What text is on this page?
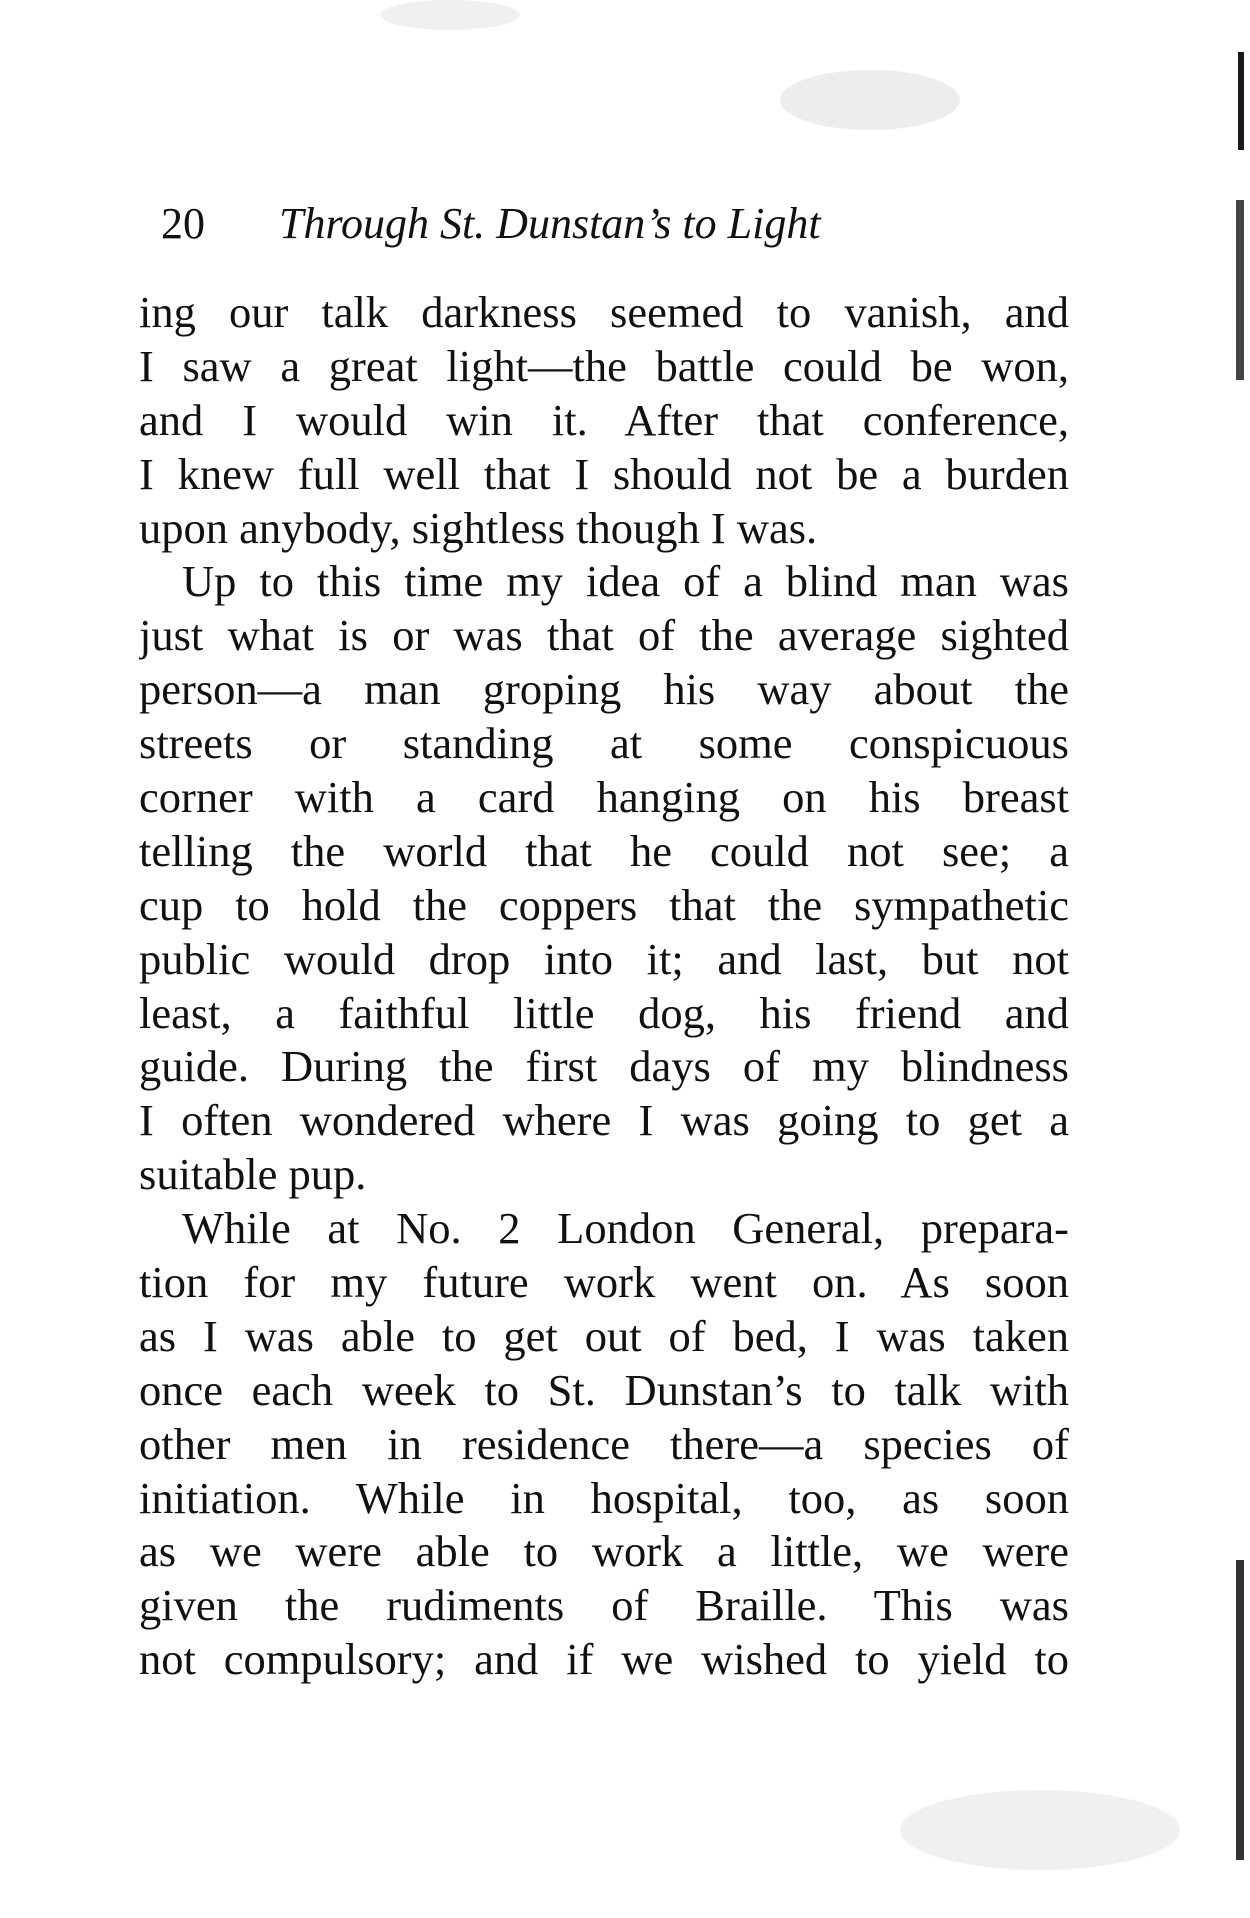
20 Through St. Dunstan’s to Light
ing our talk darkness seemed to vanish, and
I saw a great light—the battle could be won,
and I would win it. After that conference,
I knew full well that I should not be a burden
upon anybody, sightless though I was.
Up to this time my idea of a blind man was
just what is or was that of the average sighted
person—a man groping his way about the
streets or standing at some conspicuous
corner with a card hanging on his breast
telling the world that he could not see; a
cup to hold the coppers that the sympathetic
public would drop into it; and last, but not
least, a faithful little dog, his friend and
guide. During the first days of my blindness
I often wondered where I was going to get a
suitable pup.
While at No. 2 London General, prepara-
tion for my future work went on. As soon
as I was able to get out of bed, I was taken
once each week to St. Dunstan’s to talk with
other men in residence there—a species of
initiation. While in hospital, too, as soon
as we were able to work a little, we were
given the rudiments of Braille. This was
not compulsory; and if we wished to yield to
